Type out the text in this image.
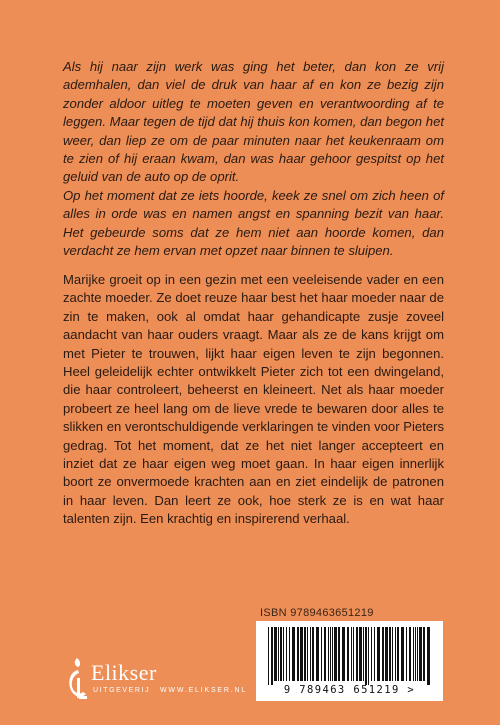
Als hij naar zijn werk was ging het beter, dan kon ze vrij ademhalen, dan viel de druk van haar af en kon ze bezig zijn zonder aldoor uitleg te moeten geven en verantwoording af te leggen. Maar tegen de tijd dat hij thuis kon komen, dan begon het weer, dan liep ze om de paar minuten naar het keukenraam om te zien of hij eraan kwam, dan was haar gehoor gespitst op het geluid van de auto op de oprit.

Op het moment dat ze iets hoorde, keek ze snel om zich heen of alles in orde was en namen angst en spanning bezit van haar. Het gebeurde soms dat ze hem niet aan hoorde komen, dan verdacht ze hem ervan met opzet naar binnen te sluipen.

Marijke groeit op in een gezin met een veeleisende vader en een zachte moeder. Ze doet reuze haar best het haar moeder naar de zin te maken, ook al omdat haar gehandicapte zusje zoveel aandacht van haar ouders vraagt. Maar als ze de kans krijgt om met Pieter te trouwen, lijkt haar eigen leven te zijn begonnen. Heel geleidelijk echter ontwikkelt Pieter zich tot een dwingeland, die haar controleert, beheerst en kleineert. Net als haar moeder probeert ze heel lang om de lieve vrede te bewaren door alles te slikken en verontschuldigende verklaringen te vinden voor Pieters gedrag. Tot het moment, dat ze het niet langer accepteert en inziet dat ze haar eigen weg moet gaan. In haar eigen innerlijk boort ze onvermoede krachten aan en ziet eindelijk de patronen in haar leven. Dan leert ze ook, hoe sterk ze is en wat haar talenten zijn. Een krachtig en inspirerend verhaal.

ISBN 9789463651219
9 789463 651219 >
Elikser
UITGEVERIJ WWW.ELIKSER.NL
